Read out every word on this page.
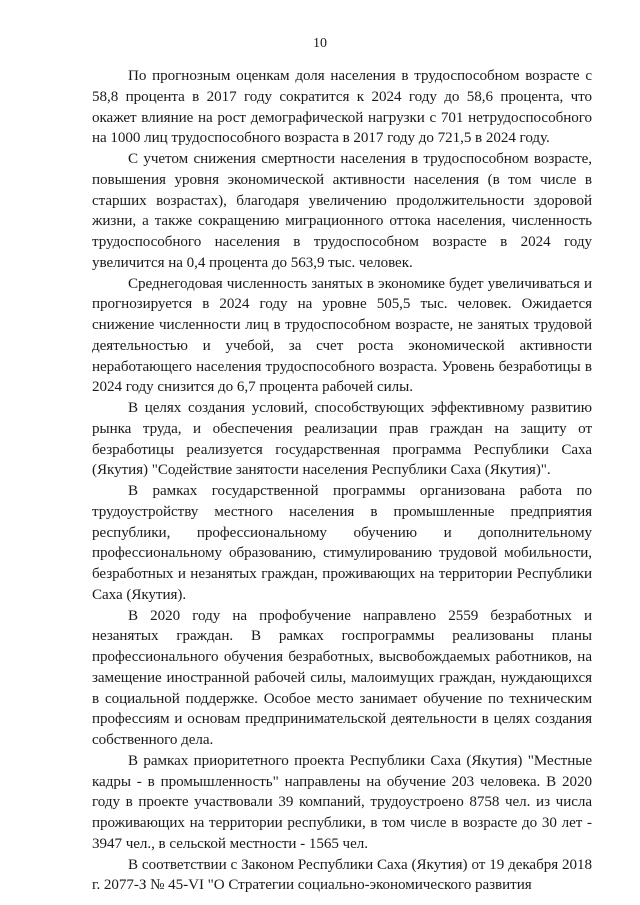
10

По прогнозным оценкам доля населения в трудоспособном возрасте с 58,8 процента в 2017 году сократится к 2024 году до 58,6 процента, что окажет влияние на рост демографической нагрузки с 701 нетрудоспособного на 1000 лиц трудоспособного возраста в 2017 году до 721,5 в 2024 году.

С учетом снижения смертности населения в трудоспособном возрасте, повышения уровня экономической активности населения (в том числе в старших возрастах), благодаря увеличению продолжительности здоровой жизни, а также сокращению миграционного оттока населения, численность трудоспособного населения в трудоспособном возрасте в 2024 году увеличится на 0,4 процента до 563,9 тыс. человек.

Среднегодовая численность занятых в экономике будет увеличиваться и прогнозируется в 2024 году на уровне 505,5 тыс. человек. Ожидается снижение численности лиц в трудоспособном возрасте, не занятых трудовой деятельностью и учебой, за счет роста экономической активности неработающего населения трудоспособного возраста. Уровень безработицы в 2024 году снизится до 6,7 процента рабочей силы.

В целях создания условий, способствующих эффективному развитию рынка труда, и обеспечения реализации прав граждан на защиту от безработицы реализуется государственная программа Республики Саха (Якутия) "Содействие занятости населения Республики Саха (Якутия)".

В рамках государственной программы организована работа по трудоустройству местного населения в промышленные предприятия республики, профессиональному обучению и дополнительному профессиональному образованию, стимулированию трудовой мобильности, безработных и незанятых граждан, проживающих на территории Республики Саха (Якутия).

В 2020 году на профобучение направлено 2559 безработных и незанятых граждан. В рамках госпрограммы реализованы планы профессионального обучения безработных, высвобождаемых работников, на замещение иностранной рабочей силы, малоимущих граждан, нуждающихся в социальной поддержке. Особое место занимает обучение по техническим профессиям и основам предпринимательской деятельности в целях создания собственного дела.

В рамках приоритетного проекта Республики Саха (Якутия) "Местные кадры - в промышленность" направлены на обучение 203 человека. В 2020 году в проекте участвовали 39 компаний, трудоустроено 8758 чел. из числа проживающих на территории республики, в том числе в возрасте до 30 лет - 3947 чел., в сельской местности - 1565 чел.

В соответствии с Законом Республики Саха (Якутия) от 19 декабря 2018 г. 2077-З № 45-VI "О Стратегии социально-экономического развития
